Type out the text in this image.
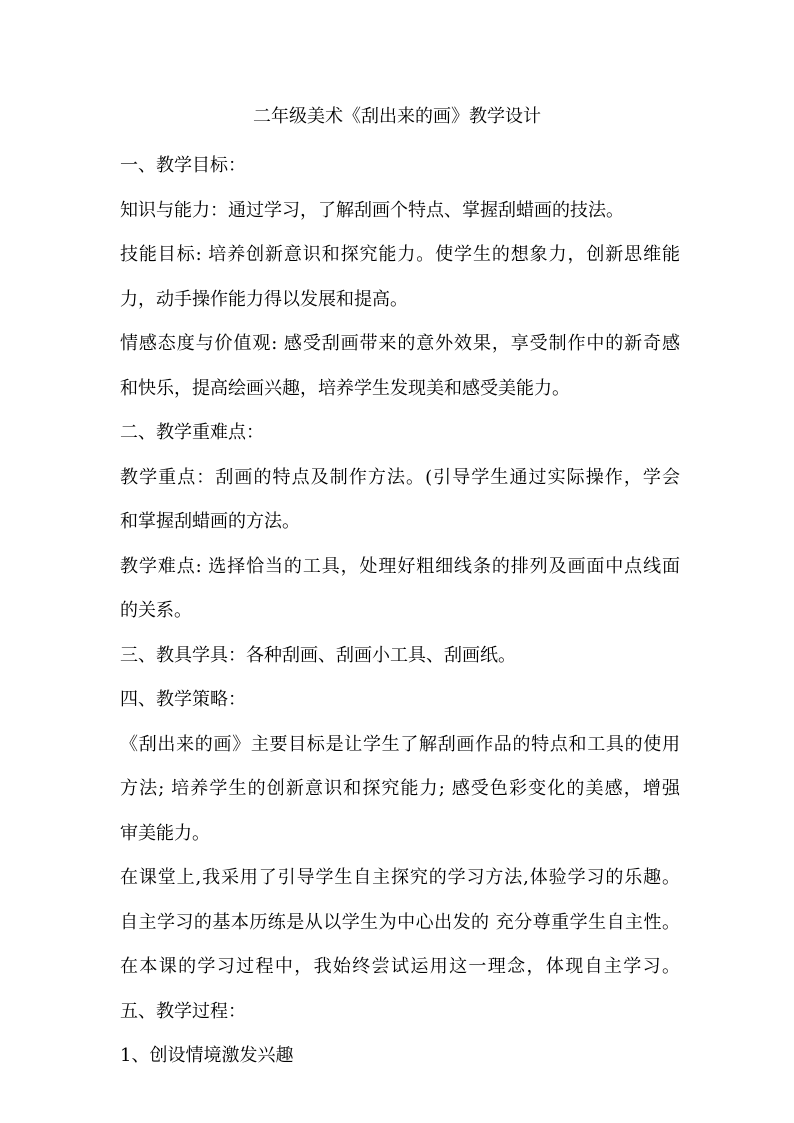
二年级美术《刮出来的画》教学设计
一、教学目标：
知识与能力：通过学习，了解刮画个特点、掌握刮蜡画的技法。
技能目标: 培养创新意识和探究能力。使学生的想象力，创新思维能
力，动手操作能力得以发展和提高。
情感态度与价值观: 感受刮画带来的意外效果，享受制作中的新奇感
和快乐，提高绘画兴趣，培养学生发现美和感受美能力。
二、教学重难点：
教学重点：刮画的特点及制作方法。(引导学生通过实际操作，学会
和掌握刮蜡画的方法。
教学难点: 选择恰当的工具，处理好粗细线条的排列及画面中点线面
的关系。
三、教具学具：各种刮画、刮画小工具、刮画纸。
四、教学策略：
《刮出来的画》主要目标是让学生了解刮画作品的特点和工具的使用
方法; 培养学生的创新意识和探究能力; 感受色彩变化的美感，增强
审美能力。
在课堂上,我采用了引导学生自主探究的学习方法,体验学习的乐趣。
自主学习的基本历练是从以学生为中心出发的 充分尊重学生自主性。
在本课的学习过程中，我始终尝试运用这一理念，体现自主学习。
五、教学过程：
1、创设情境激发兴趣
